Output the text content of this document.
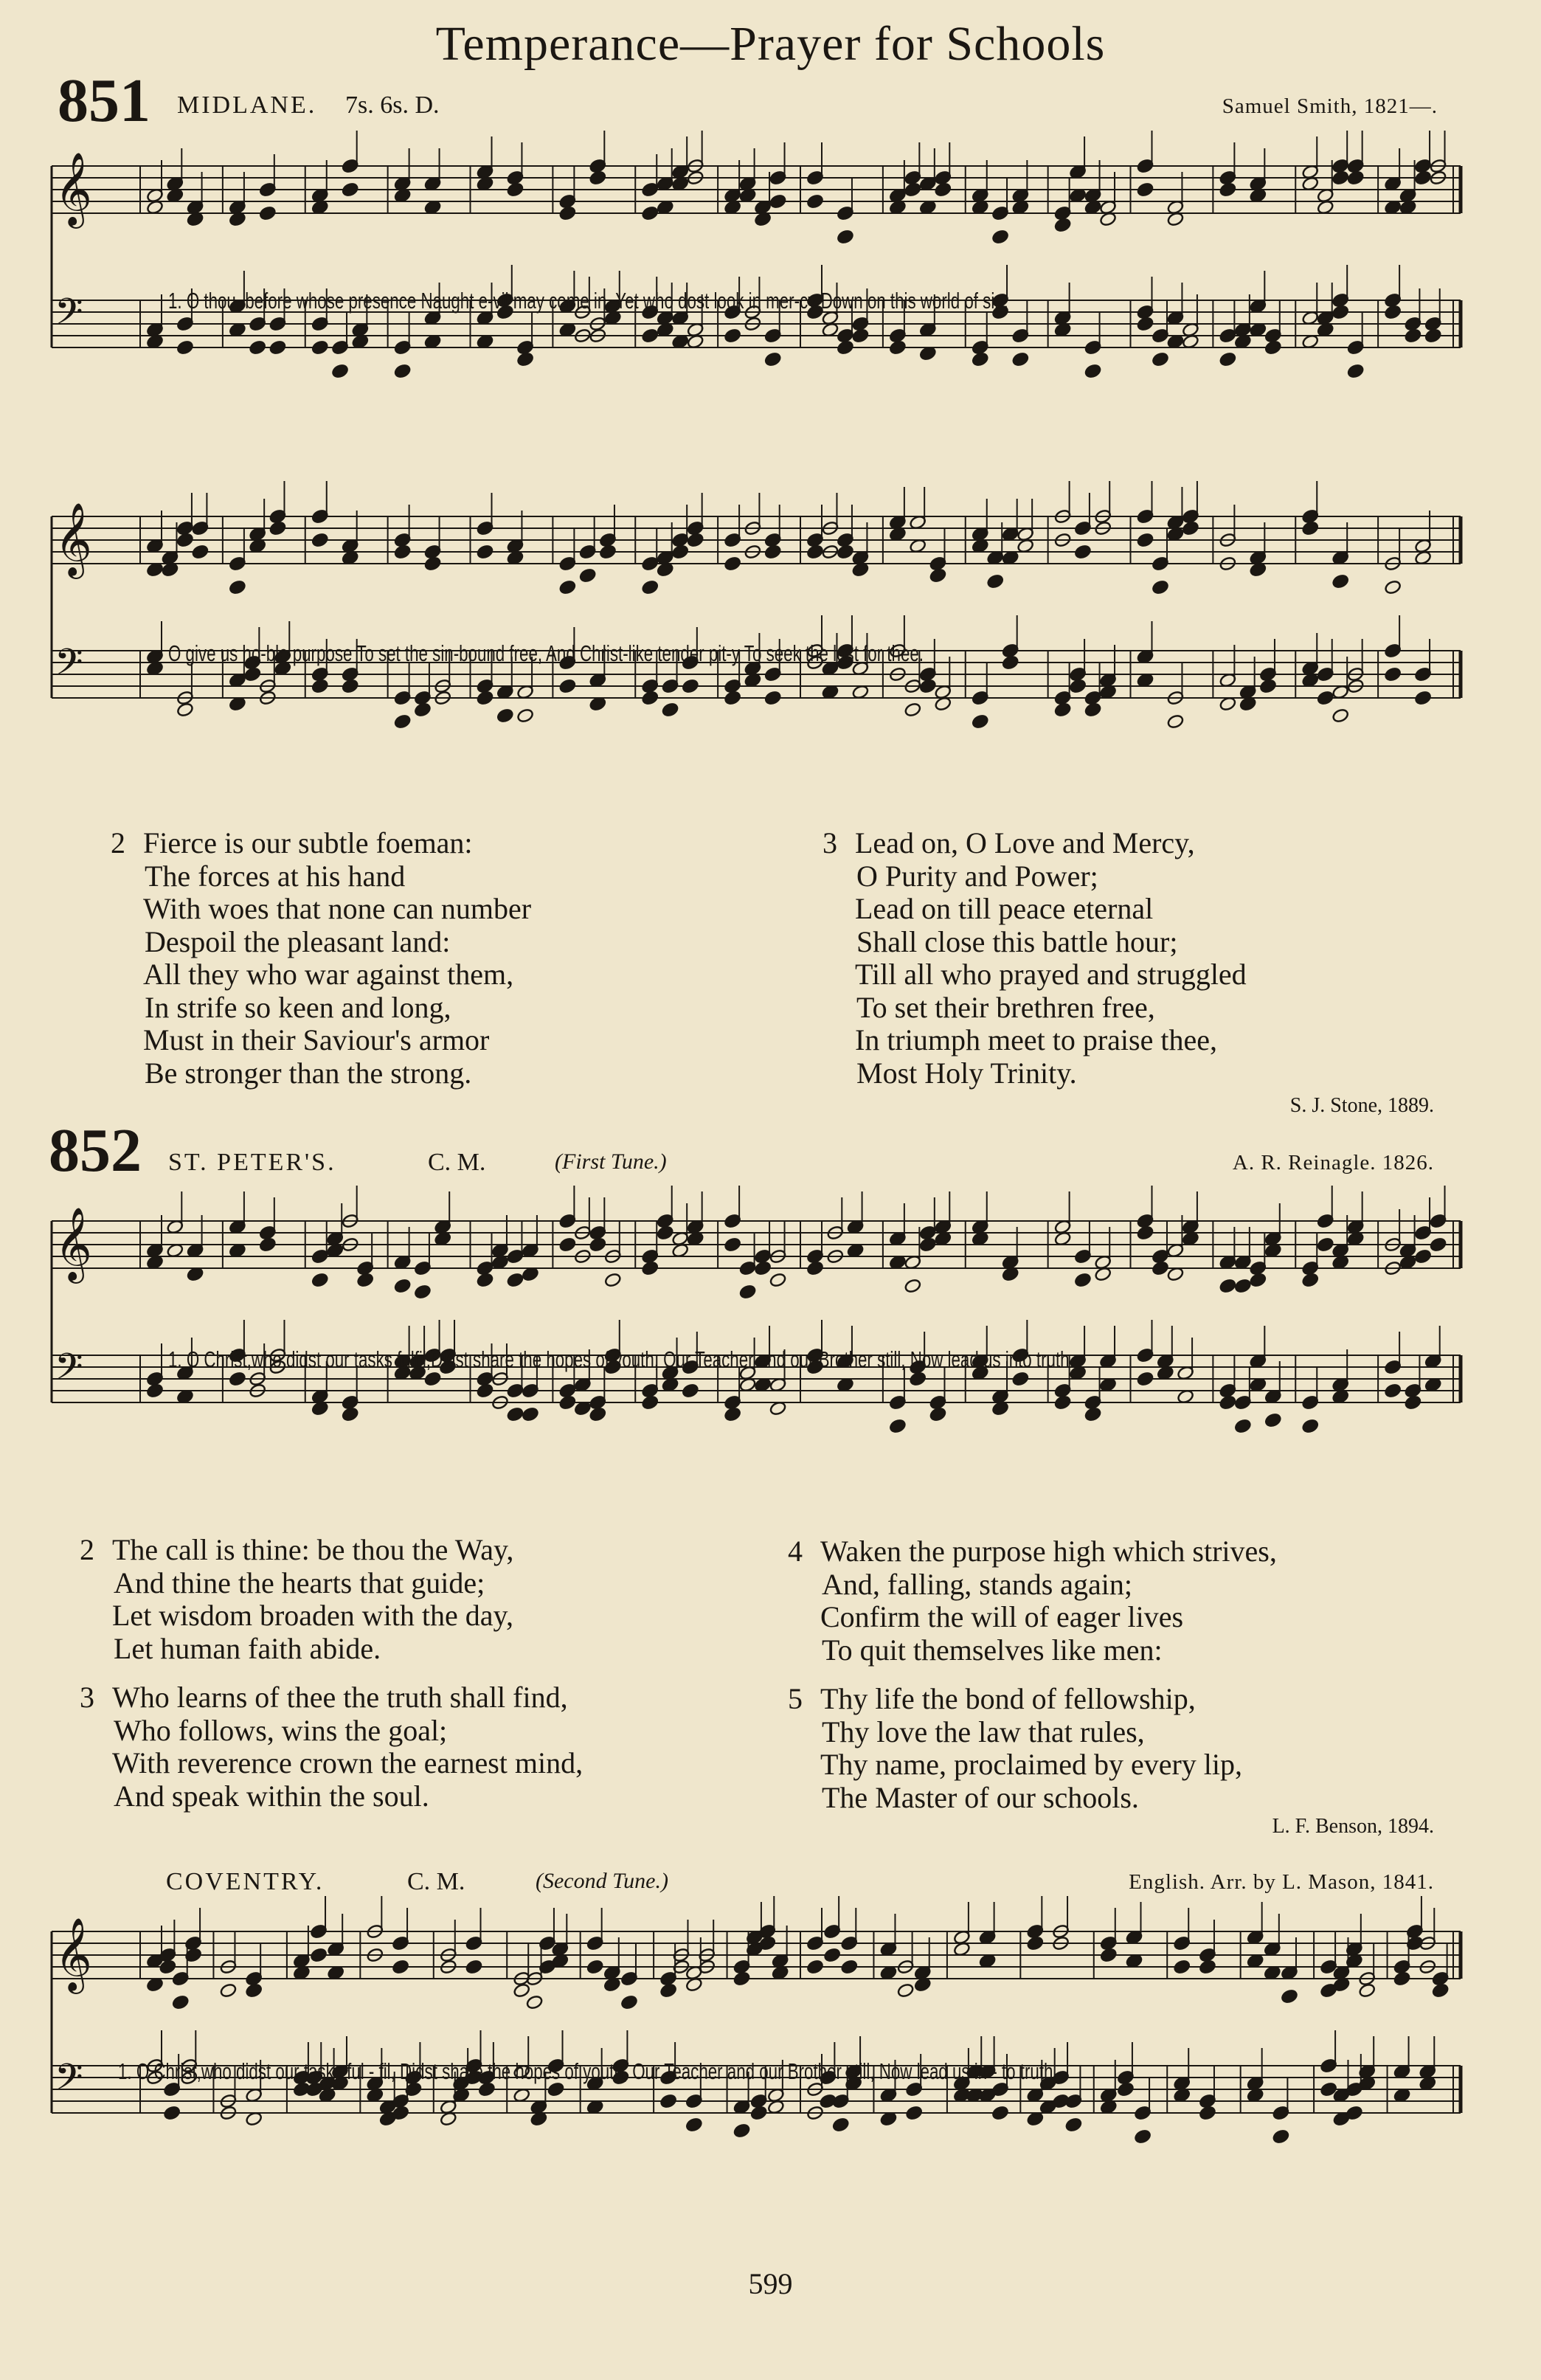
Temperance—Prayer for Schools
851 MIDLANE. 7s. 6s. D.	Samuel Smith, 1821—.
𝄞
𝄢
𝄞
𝄢
1. O thou, before whose presence Naught e-vil may come in, Yet who dost look in mer-cy Down on this world of sin,
O give us no-ble purpose To set the sin-bound free, And Christ-like tender pit-y To seek the lost for thee.
2 Fierce is our subtle foeman:
The forces at his hand
With woes that none can number
Despoil the pleasant land:
All they who war against them,
In strife so keen and long,
Must in their Saviour's armor
Be stronger than the strong.
3 Lead on, O Love and Mercy,
O Purity and Power;
Lead on till peace eternal
Shall close this battle hour;
Till all who prayed and struggled
To set their brethren free,
In triumph meet to praise thee,
Most Holy Trinity.
S. J. Stone, 1889.
852 ST. PETER'S.	C. M.	(First Tune.)	A. R. Reinagle. 1826.
𝄞
𝄢	1. O Christ,who didst our tasks fulfil,Didst share the hopes of youth, Our Teacher and our Brother still, Now lead us into truth.
2 The call is thine: be thou the Way,
And thine the hearts that guide;
Let wisdom broaden with the day,
Let human faith abide.
3 Who learns of thee the truth shall find,
Who follows, wins the goal;
With reverence crown the earnest mind,
And speak within the soul.
4 Waken the purpose high which strives,
And, falling, stands again;
Confirm the will of eager lives
To quit themselves like men:
5 Thy life the bond of fellowship,
Thy love the law that rules,
Thy name, proclaimed by every lip,
The Master of our schools.
L. F. Benson, 1894.
COVENTRY.	C. M.	(Second Tune.)	English. Arr. by L. Mason, 1841.
𝄞
𝄢 1. O Christ,who didst our tasks ful - fil, Didst share the hopes of youth, Our Teacher and our Brother still, Now lead us in - to truth.
599
